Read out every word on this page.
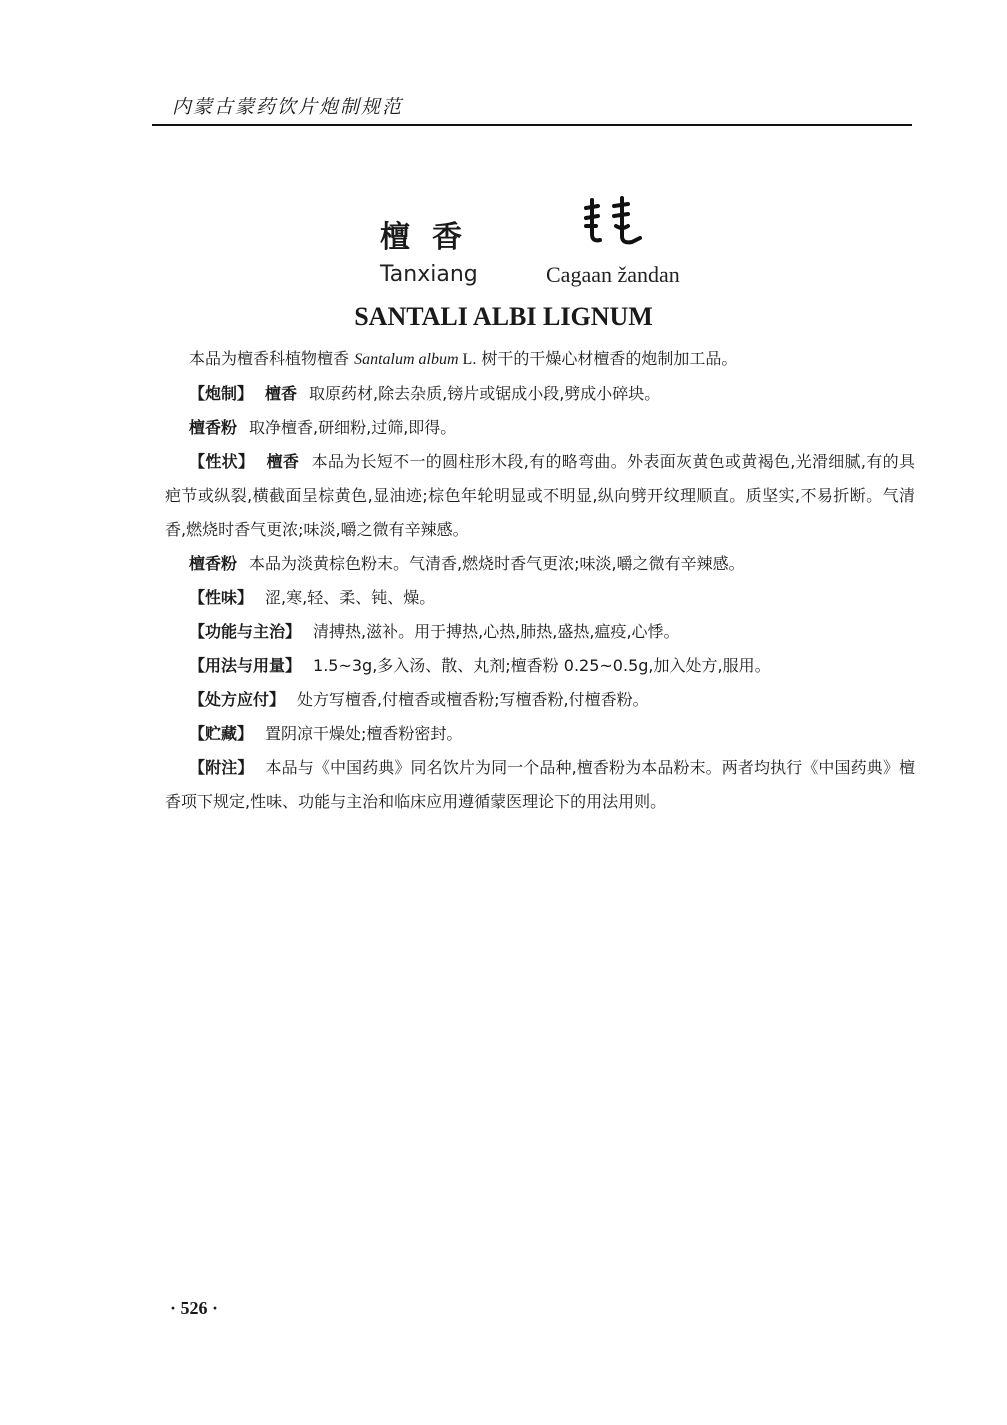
内蒙古蒙药饮片炮制规范
檀香
Tanxiang	Cagaan žandan
SANTALI ALBI LIGNUM

本品为檀香科植物檀香 Santalum album L. 树干的干燥心材檀香的炮制加工品。

【炮制】 檀香 取原药材,除去杂质,镑片或锯成小段,劈成小碎块。

檀香粉 取净檀香,研细粉,过筛,即得。

【性状】 檀香 本品为长短不一的圆柱形木段,有的略弯曲。外表面灰黄色或黄褐色,光滑细腻,有的具疤节或纵裂,横截面呈棕黄色,显油迹;棕色年轮明显或不明显,纵向劈开纹理顺直。质坚实,不易折断。气清香,燃烧时香气更浓;味淡,嚼之微有辛辣感。

檀香粉 本品为淡黄棕色粉末。气清香,燃烧时香气更浓;味淡,嚼之微有辛辣感。

【性味】 涩,寒,轻、柔、钝、燥。

【功能与主治】 清搏热,滋补。用于搏热,心热,肺热,盛热,瘟疫,心悸。

【用法与用量】 1.5~3g,多入汤、散、丸剂;檀香粉 0.25~0.5g,加入处方,服用。

【处方应付】 处方写檀香,付檀香或檀香粉;写檀香粉,付檀香粉。

【贮藏】 置阴凉干燥处;檀香粉密封。

【附注】 本品与《中国药典》同名饮片为同一个品种,檀香粉为本品粉末。两者均执行《中国药典》檀香项下规定,性味、功能与主治和临床应用遵循蒙医理论下的用法用则。

· 526 ·
